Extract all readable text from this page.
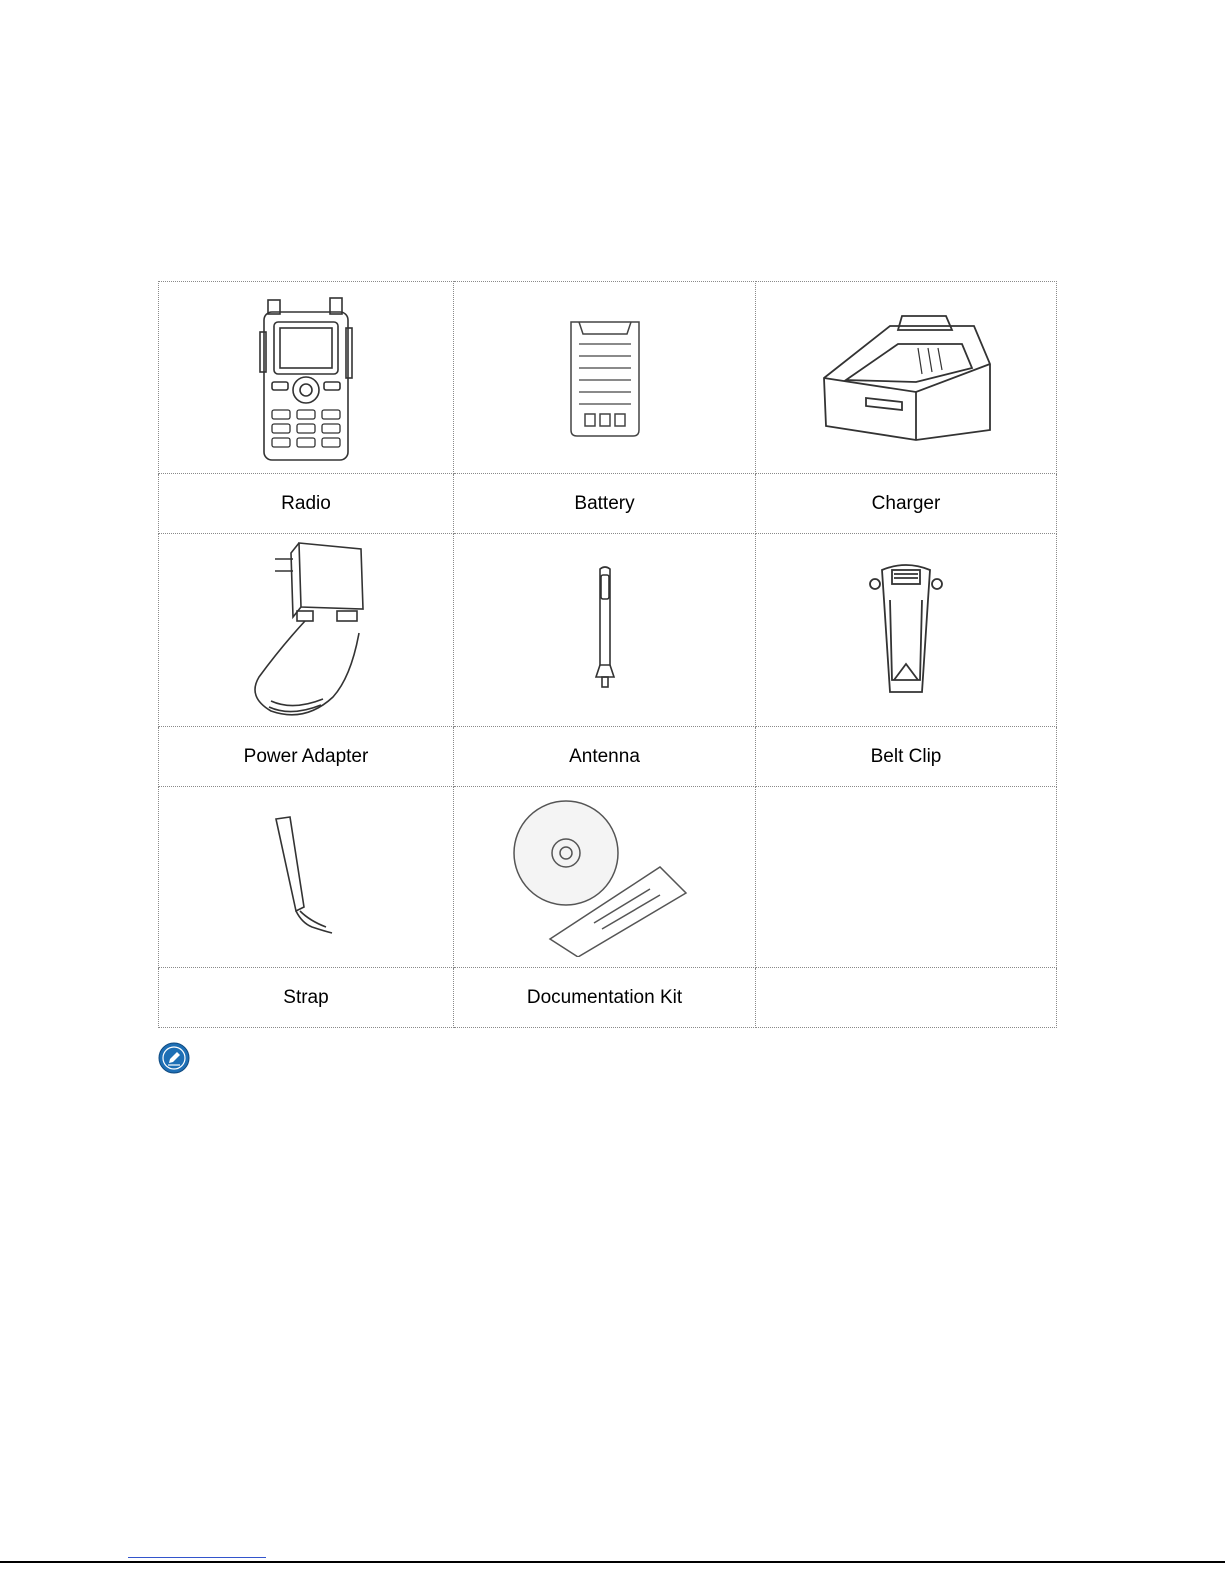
Radio	Battery	Charger

Power Adapter	Antenna	Belt Clip

Strap	Documentation Kit	
